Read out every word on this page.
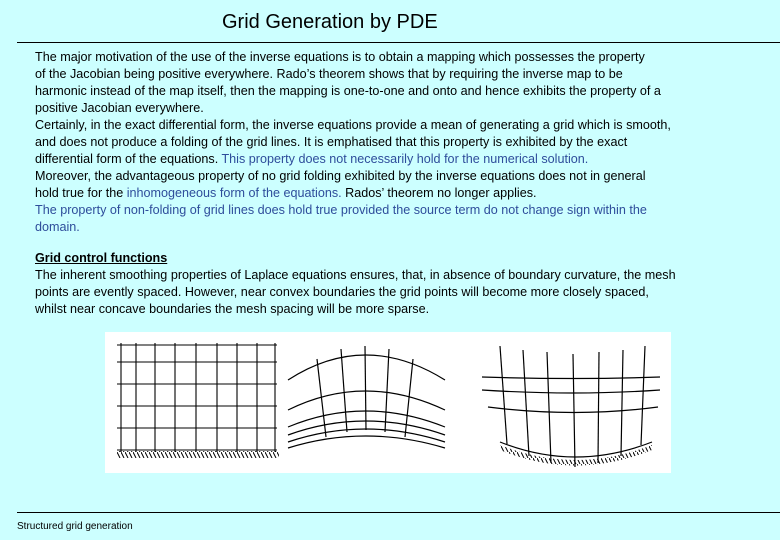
Grid Generation by PDE
The major motivation of the use of the inverse equations is to obtain a mapping which possesses the property
of the Jacobian being positive everywhere. Rado’s theorem shows that by requiring the inverse map to be
harmonic instead of the map itself, then the mapping is one-to-one and onto and hence exhibits the property of a
positive Jacobian everywhere.
Certainly, in the exact differential form, the inverse equations provide a mean of generating a grid which is smooth,
and does not produce a folding of the grid lines. It is emphatised that this property is exhibited by the exact
differential form of the equations. This property does not necessarily hold for the numerical solution.
Moreover, the advantageous property of no grid folding exhibited by the inverse equations does not in general
hold true for the inhomogeneous form of the equations. Rados’ theorem no longer applies.
The property of non-folding of grid lines does hold true provided the source term do not change sign within the
domain.
Grid control functions
The inherent smoothing properties of Laplace equations ensures, that, in absence of boundary curvature, the mesh
points are evently spaced. However, near convex boundaries the grid points will become more closely spaced,
whilst near concave boundaries the mesh spacing will be more sparse.
Structured grid generation
